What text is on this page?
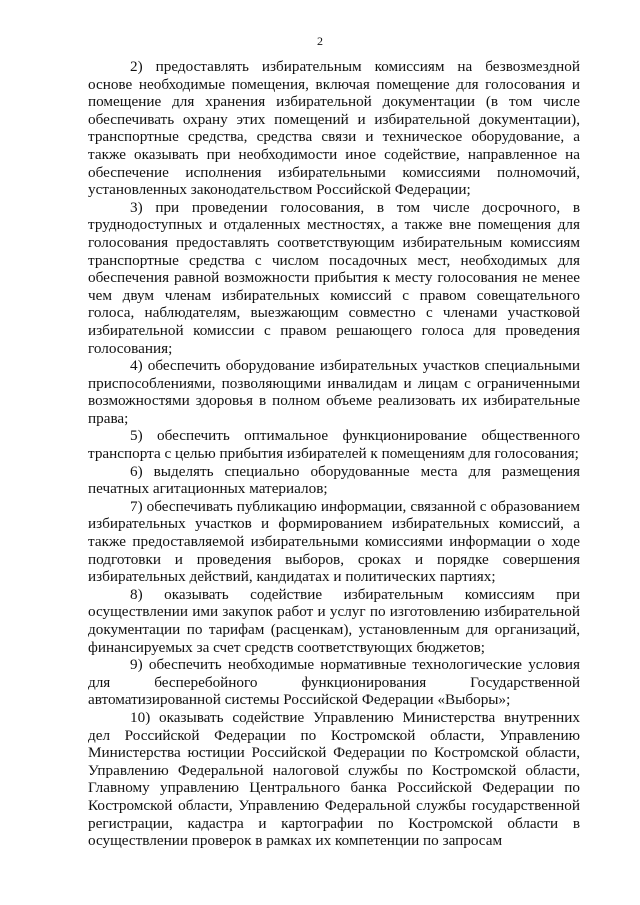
2

2) предоставлять избирательным комиссиям на безвозмездной основе необходимые помещения, включая помещение для голосования и помещение для хранения избирательной документации (в том числе обеспечивать охрану этих помещений и избирательной документации), транспортные средства, средства связи и техническое оборудование, а также оказывать при необходимости иное содействие, направленное на обеспечение исполнения избирательными комиссиями полномочий, установленных законодательством Российской Федерации;

3) при проведении голосования, в том числе досрочного, в труднодоступных и отдаленных местностях, а также вне помещения для голосования предоставлять соответствующим избирательным комиссиям транспортные средства с числом посадочных мест, необходимых для обеспечения равной возможности прибытия к месту голосования не менее чем двум членам избирательных комиссий с правом совещательного голоса, наблюдателям, выезжающим совместно с членами участковой избирательной комиссии с правом решающего голоса для проведения голосования;

4) обеспечить оборудование избирательных участков специальными приспособлениями, позволяющими инвалидам и лицам с ограниченными возможностями здоровья в полном объеме реализовать их избирательные права;

5) обеспечить оптимальное функционирование общественного транспорта с целью прибытия избирателей к помещениям для голосования;

6) выделять специально оборудованные места для размещения печатных агитационных материалов;

7) обеспечивать публикацию информации, связанной с образованием избирательных участков и формированием избирательных комиссий, а также предоставляемой избирательными комиссиями информации о ходе подготовки и проведения выборов, сроках и порядке совершения избирательных действий, кандидатах и политических партиях;

8) оказывать содействие избирательным комиссиям при осуществлении ими закупок работ и услуг по изготовлению избирательной документации по тарифам (расценкам), установленным для организаций, финансируемых за счет средств соответствующих бюджетов;

9) обеспечить необходимые нормативные технологические условия для бесперебойного функционирования Государственной автоматизированной системы Российской Федерации «Выборы»;

10) оказывать содействие Управлению Министерства внутренних дел Российской Федерации по Костромской области, Управлению Министерства юстиции Российской Федерации по Костромской области, Управлению Федеральной налоговой службы по Костромской области, Главному управлению Центрального банка Российской Федерации по Костромской области, Управлению Федеральной службы государственной регистрации, кадастра и картографии по Костромской области в осуществлении проверок в рамках их компетенции по запросам
